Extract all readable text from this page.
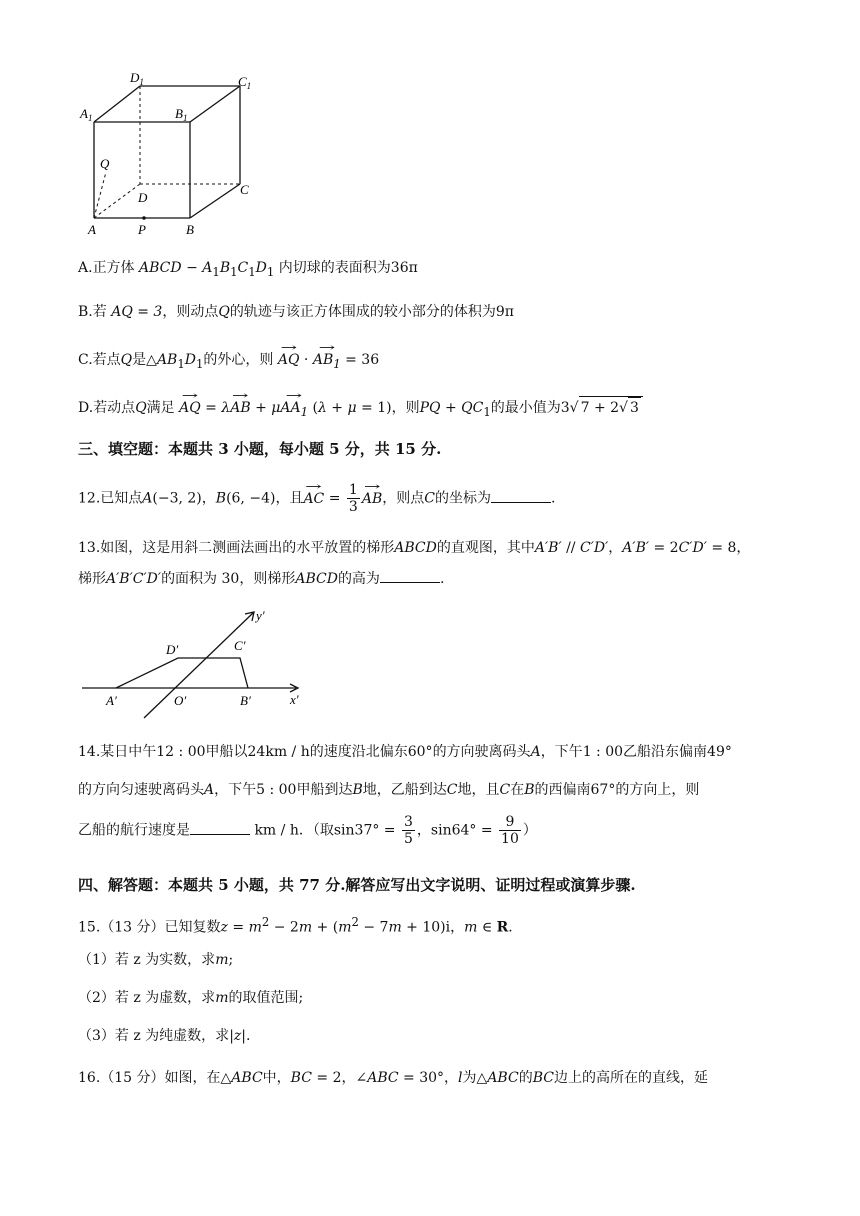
$A_1$
$D_1$	$C_1$
$B_1$
Q
D
C
A	P	B
A.正方体 ABCD − $A_1B_1C_1D_1$ 内切球的表面积为36π
B.若 AQ = 3，则动点Q的轨迹与该正方体围成的较小部分的体积为9π
C.若点Q是$\triangle AB_1D_1$的外心，则 → AQ · → $AB_1 = 36$
D.若动点Q满足 → AQ = λ→ AB + $\mu\to AA_1$ (λ + μ = 1)，则PQ + $QC_1$的最小值为3√ 7 + 2√ 3
三、填空题：本题共 3 小题，每小题 5 分，共 15 分.
12.已知点A(−3, 2)，B(6, −4)，且→ AC = $\frac{1}{3}$ → AB，则点C的坐标为	.
13.如图，这是用斜二测画法画出的水平放置的梯形ABCD的直观图，其中A′B′ // C′D′，A′B′ = 2C′D′ = 8，
梯形A′B′C′D′的面积为 30，则梯形ABCD的高为	.
y′
D′	C′
A′	O′	B′	x′
14.某日中午12 : 00甲船以24km / h的速度沿北偏东60°的方向驶离码头A，下午1 : 00乙船沿东偏南49°
的方向匀速驶离码头A，下午5 : 00甲船到达B地，乙船到达C地，且C在B的西偏南67°的方向上，则
乙船的航行速度是	km / h．（取$\sin 37^\circ = \frac{3}{5}$ ，$\sin 64^\circ = \frac{9}{10}$ ）
四、解答题：本题共 5 小题，共 77 分.解答应写出文字说明、证明过程或演算步骤.
15.（13 分）已知复数$z = m^2 - 2m + (m^2 - 7m + 10)i$，m ∈ R.
（1）若 z 为实数，求m;
（2）若 z 为虚数，求m的取值范围;
（3）若 z 为纯虚数，求|z|.
16.（15 分）如图，在△ABC中，BC = 2，∠ABC = 30°，l为△ABC的BC边上的高所在的直线，延
